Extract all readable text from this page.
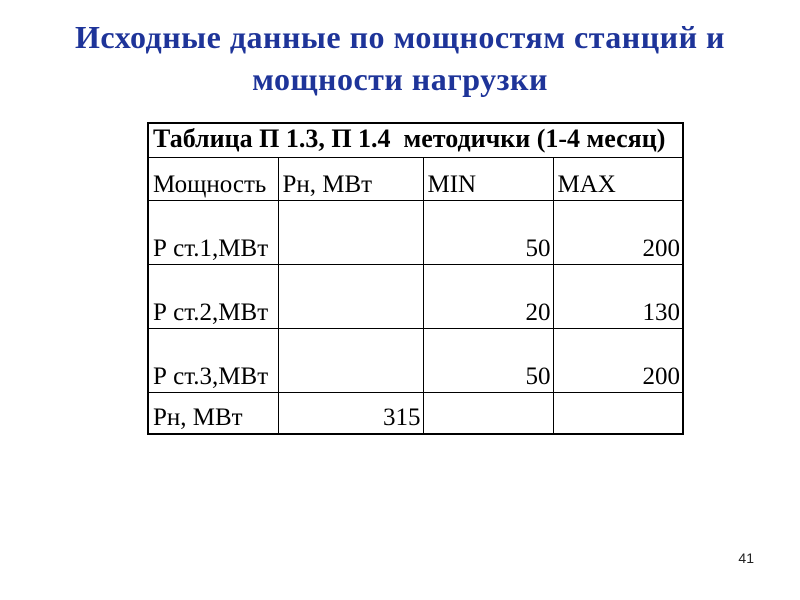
Исходные данные по мощностям станций и
мощности нагрузки
Таблица П 1.3, П 1.4  методички (1-4 месяц)			
Мощность	Рн, МВт	MIN	MAX
Р ст.1,МВт		50	200
Р ст.2,МВт		20	130
Р ст.3,МВт		50	200
Рн, МВт	315		
41
